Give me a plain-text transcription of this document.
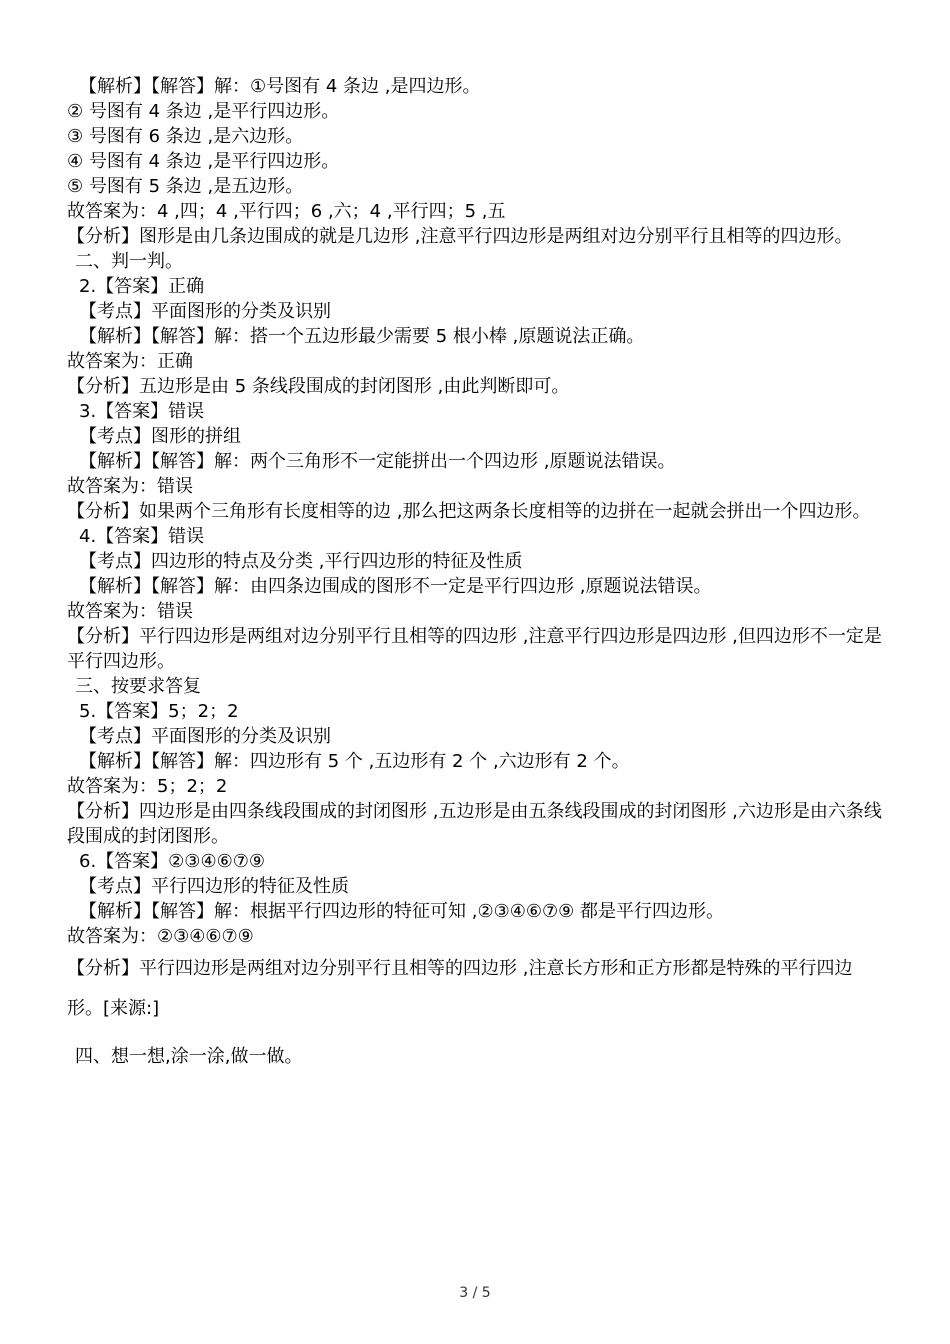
【解析】【解答】解：①号图有 4 条边 ,是四边形。

② 号图有 4 条边 ,是平行四边形。

③ 号图有 6 条边 ,是六边形。

④ 号图有 4 条边 ,是平行四边形。

⑤ 号图有 5 条边 ,是五边形。

故答案为：4 ,四；4 ,平行四；6 ,六；4 ,平行四；5 ,五

【分析】图形是由几条边围成的就是几边形 ,注意平行四边形是两组对边分别平行且相等的四边形。

二、判一判。

2.【答案】正确

【考点】平面图形的分类及识别

【解析】【解答】解：搭一个五边形最少需要 5 根小棒 ,原题说法正确。

故答案为：正确

【分析】五边形是由 5 条线段围成的封闭图形 ,由此判断即可。

3.【答案】错误

【考点】图形的拼组

【解析】【解答】解：两个三角形不一定能拼出一个四边形 ,原题说法错误。

故答案为：错误

【分析】如果两个三角形有长度相等的边 ,那么把这两条长度相等的边拼在一起就会拼出一个四边形。

4.【答案】错误

【考点】四边形的特点及分类 ,平行四边形的特征及性质

【解析】【解答】解：由四条边围成的图形不一定是平行四边形 ,原题说法错误。

故答案为：错误

【分析】平行四边形是两组对边分别平行且相等的四边形 ,注意平行四边形是四边形 ,但四边形不一定是平行四边形。

三、按要求答复

5.【答案】5；2；2

【考点】平面图形的分类及识别

【解析】【解答】解：四边形有 5 个 ,五边形有 2 个 ,六边形有 2 个。

故答案为：5；2；2

【分析】四边形是由四条线段围成的封闭图形 ,五边形是由五条线段围成的封闭图形 ,六边形是由六条线段围成的封闭图形。

6.【答案】②③④⑥⑦⑨

【考点】平行四边形的特征及性质

【解析】【解答】解：根据平行四边形的特征可知 ,②③④⑥⑦⑨ 都是平行四边形。

故答案为：②③④⑥⑦⑨

【分析】平行四边形是两组对边分别平行且相等的四边形 ,注意长方形和正方形都是特殊的平行四边形。[来源:]

四、想一想,涂一涂,做一做。

3 / 5
